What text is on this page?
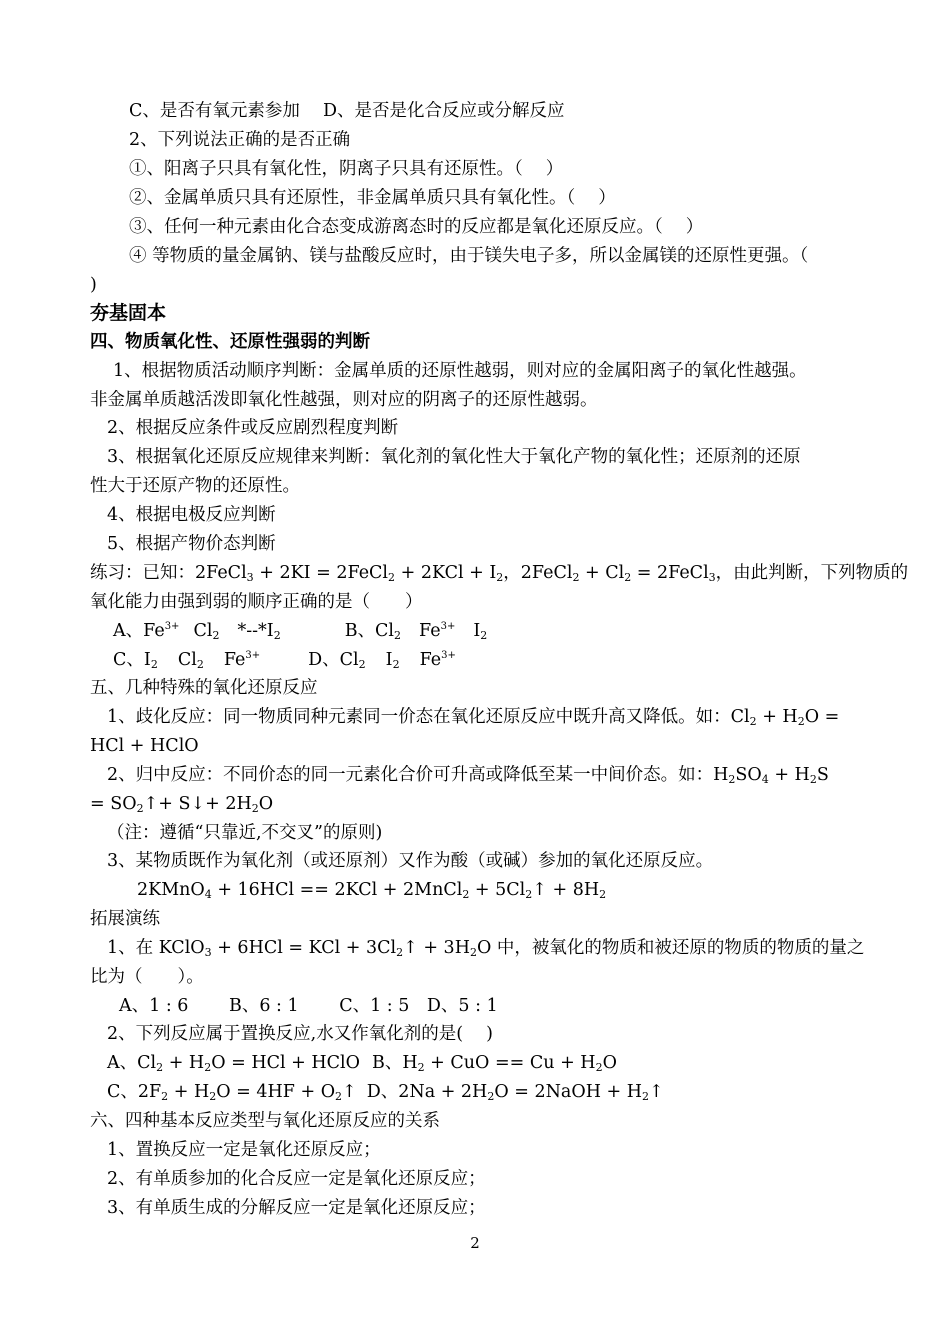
C、是否有氧元素参加　 D、是否是化合反应或分解反应
2、下列说法正确的是否正确
①、阳离子只具有氧化性，阴离子只具有还原性。（　 ）
②、金属单质只具有还原性，非金属单质只具有氧化性。（　 ）
③、任何一种元素由化合态变成游离态时的反应都是氧化还原反应。（　 ）
④ 等物质的量金属钠、镁与盐酸反应时，由于镁失电子多，所以金属镁的还原性更强。（
)
夯基固本
四、物质氧化性、还原性强弱的判断
1、根据物质活动顺序判断：金属单质的还原性越弱，则对应的金属阳离子的氧化性越强。
非金属单质越活泼即氧化性越强，则对应的阴离子的还原性越弱。
2、根据反应条件或反应剧烈程度判断
3、根据氧化还原反应规律来判断：氧化剂的氧化性大于氧化产物的氧化性；还原剂的还原
性大于还原产物的还原性。
4、根据电极反应判断
5、根据产物价态判断
练习：已知：2FeCl$_3$ + 2KI = 2FeCl$_2$ + $2KCl + I_2$，2FeCl$_2$ + $Cl_2$ = 2FeCl$_3$，由此判断，下列物质的
氧化能力由强到弱的顺序正确的是（　　）
A、$Fe^{3+}$ $Cl_2$ $*--*I_2$	B、$Cl_2$ $Fe^{3+}$ $I_2$
C、$I_2$ $Cl_2$ $Fe^{3+}$	D、$Cl_2$ $I_2$ $Fe^{3+}$
五、几种特殊的氧化还原反应
1、歧化反应：同一物质同种元素同一价态在氧化还原反应中既升高又降低。如：$Cl_2 + H_2O$ =
HCl + HClO
2、归中反应：不同价态的同一元素化合价可升高或降低至某一中间价态。如：$H_2SO_4 + H_2S$
= $SO_2↑+$ S↓+ $2H_2O$
（注：遵循“只靠近,不交叉”的原则)
3、某物质既作为氧化剂（或还原剂）又作为酸（或碱）参加的氧化还原反应。
2KMnO$_4$ + 16HCl == 2KCl + 2MnCl$_2$ + $5Cl_2↑ + 8H_2$
拓展演练
1、在 KClO$_3$ + 6HCl = KCl + $3Cl_2↑ + 3H_2O$ 中，被氧化的物质和被还原的物质的物质的量之
比为（　　）。
A、1 : 6　　 B、6 : 1　　 C、1 : 5　D、5 : 1
2、下列反应属于置换反应,水又作氧化剂的是(　 )
A、$Cl_2 + H_2O$ = HCl + HClO B、$H_2$ + CuO == $Cu + H_2O$
C、$2F_2 + H_2O = 4HF$ + $O_2↑$ D、$2Na + 2H_2O$ = 2NaOH + $H_2↑$
六、四种基本反应类型与氧化还原反应的关系
1、置换反应一定是氧化还原反应；
2、有单质参加的化合反应一定是氧化还原反应；
3、有单质生成的分解反应一定是氧化还原反应；
2
